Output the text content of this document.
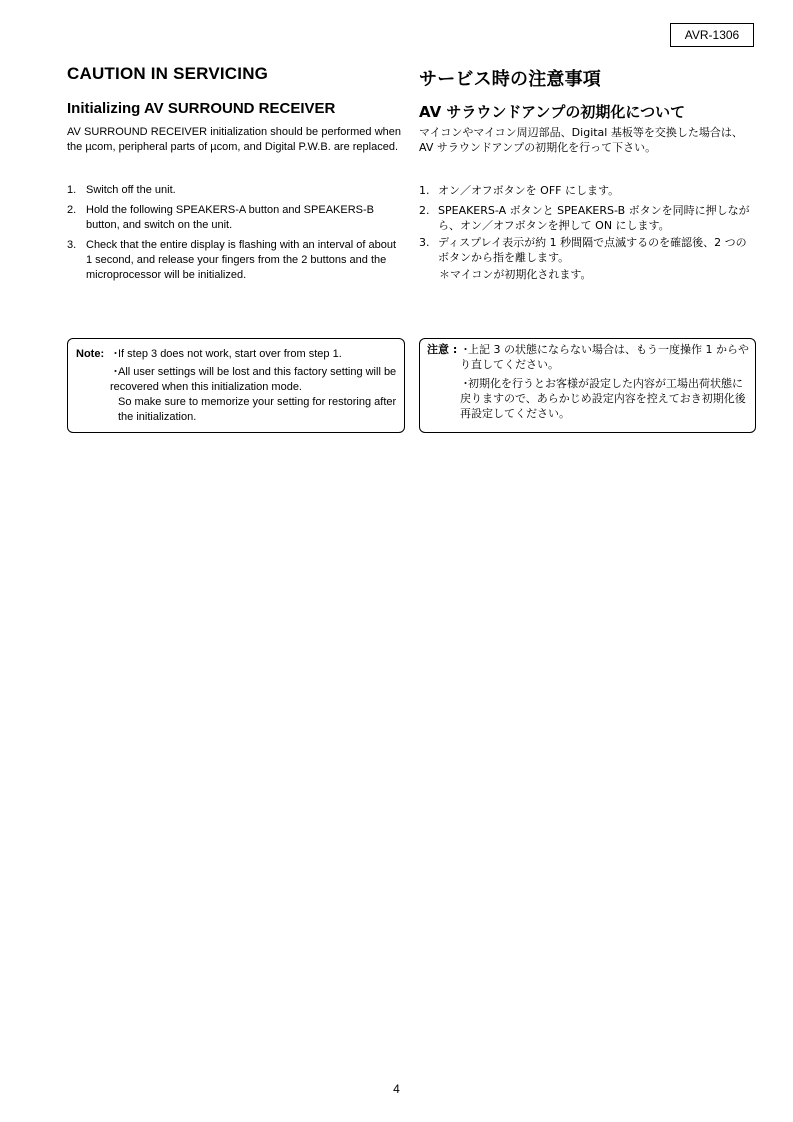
AVR-1306
CAUTION IN SERVICING
Initializing AV SURROUND RECEIVER

AV SURROUND RECEIVER initialization should be performed when the µcom, peripheral parts of µcom, and Digital P.W.B. are replaced.

1. Switch off the unit.
2. Hold the following SPEAKERS-A button and SPEAKERS-B button, and switch on the unit.
3. Check that the entire display is flashing with an interval of about 1 second, and release your fingers from the 2 buttons and the microprocessor will be initialized.
サービス時の注意事項
AV サラウンドアンプの初期化について

マイコンやマイコン周辺部品、Digital 基板等を交換した場合は、AV サラウンドアンプの初期化を行って下さい。

1. オン／オフボタンを OFF にします。
2. SPEAKERS-A ボタンと SPEAKERS-B ボタンを同時に押しながら、オン／オフボタンを押して ON にします。
3. ディスプレイ表示が約 1 秒間隔で点滅するのを確認後、2 つのボタンから指を離します。
＊マイコンが初期化されます。
Note: ・If step 3 does not work, start over from step 1.
・All user settings will be lost and this factory setting will be recovered when this initialization mode.
So make sure to memorize your setting for restoring after the initialization.
注意 : ・上記 3 の状態にならない場合は、もう一度操作 1 からやり直してください。
・初期化を行うとお客様が設定した内容が工場出荷状態に戻りますので、あらかじめ設定内容を控えておき初期化後再設定してください。
4
